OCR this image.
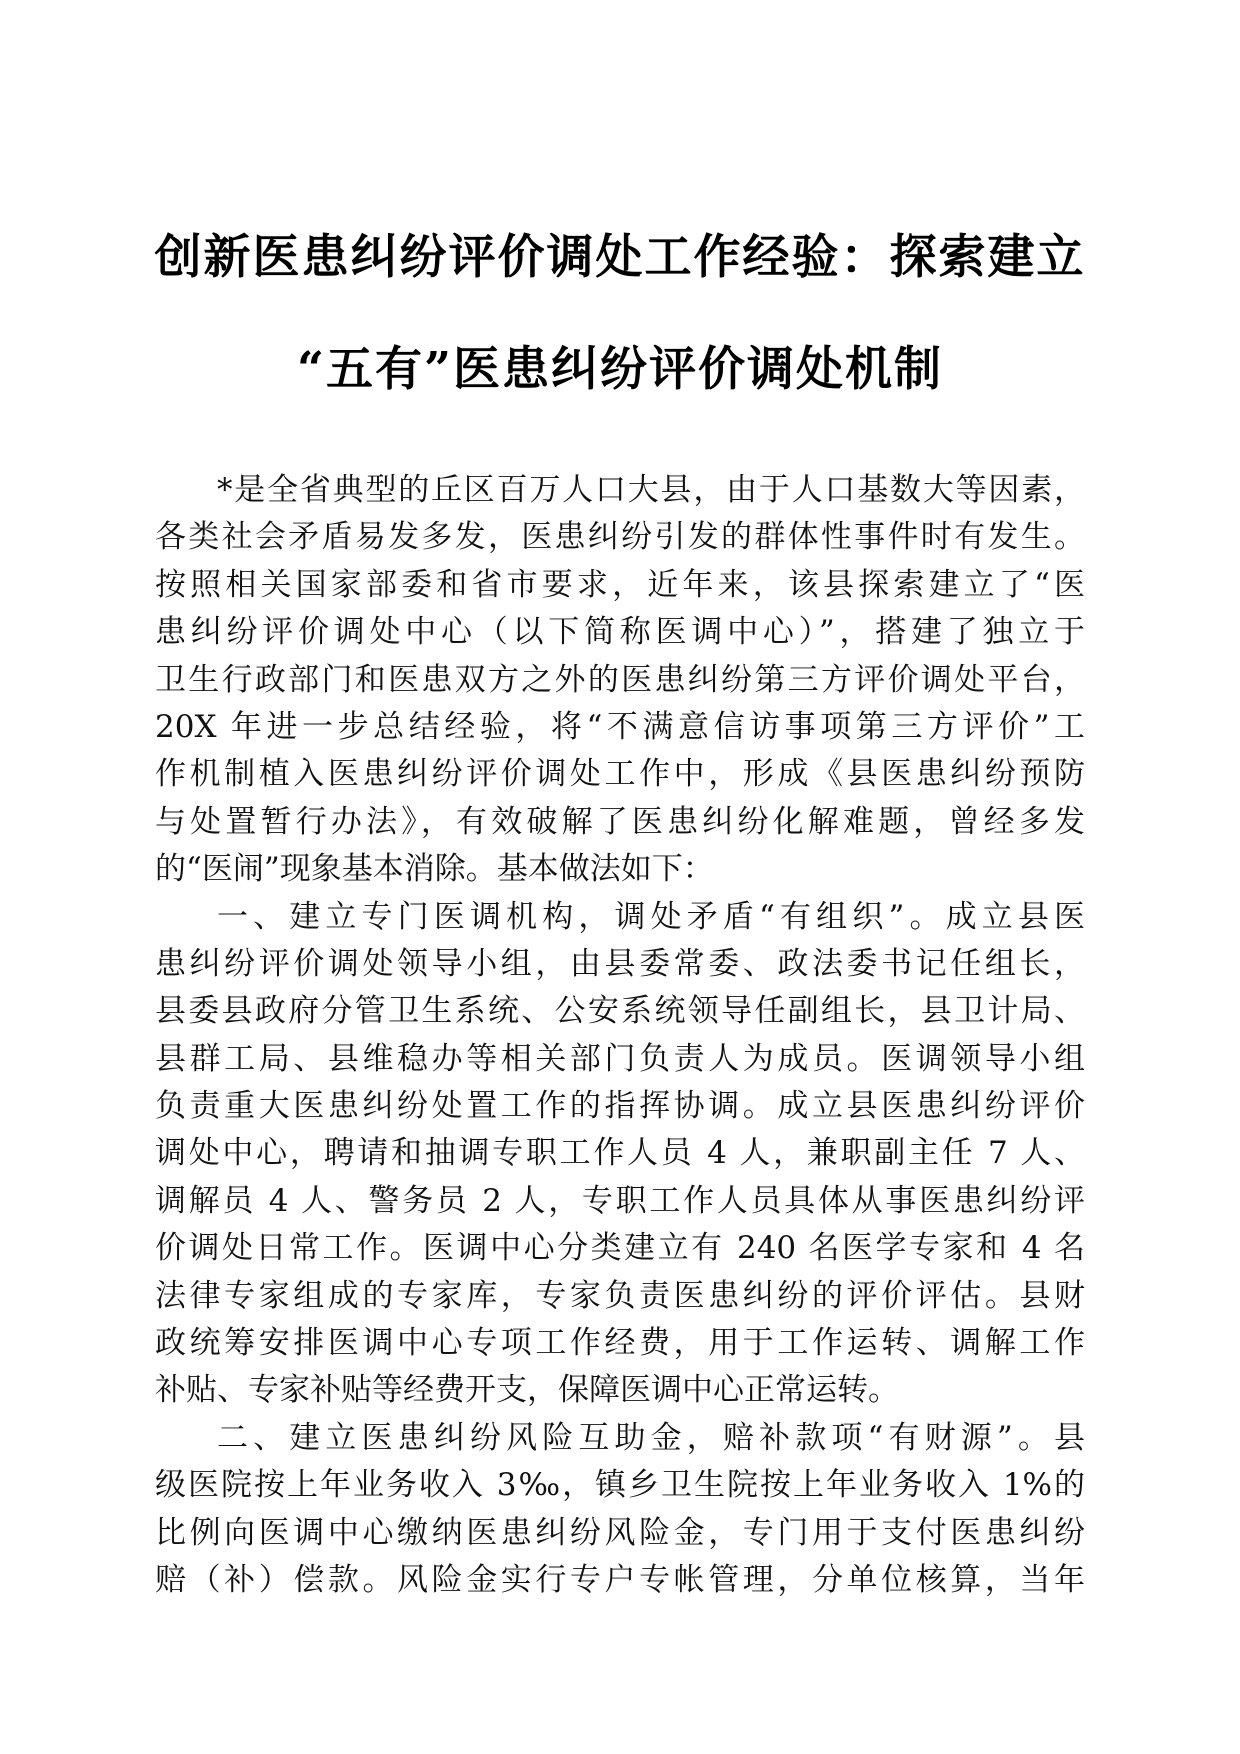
创新医患纠纷评价调处工作经验：探索建立
“五有”医患纠纷评价调处机制
*是全省典型的丘区百万人口大县，由于人口基数大等因素，
各类社会矛盾易发多发，医患纠纷引发的群体性事件时有发生。
按照相关国家部委和省市要求，近年来，该县探索建立了“医
患纠纷评价调处中心（以下简称医调中心）”，搭建了独立于
卫生行政部门和医患双方之外的医患纠纷第三方评价调处平台，
20X 年进一步总结经验，将“不满意信访事项第三方评价”工
作机制植入医患纠纷评价调处工作中，形成《县医患纠纷预防
与处置暂行办法》，有效破解了医患纠纷化解难题，曾经多发
的“医闹”现象基本消除。基本做法如下：
一、建立专门医调机构，调处矛盾“有组织”。成立县医
患纠纷评价调处领导小组，由县委常委、政法委书记任组长，
县委县政府分管卫生系统、公安系统领导任副组长，县卫计局、
县群工局、县维稳办等相关部门负责人为成员。医调领导小组
负责重大医患纠纷处置工作的指挥协调。成立县医患纠纷评价
调处中心，聘请和抽调专职工作人员 4 人，兼职副主任 7 人、
调解员 4 人、警务员 2 人，专职工作人员具体从事医患纠纷评
价调处日常工作。医调中心分类建立有 240 名医学专家和 4 名
法律专家组成的专家库，专家负责医患纠纷的评价评估。县财
政统筹安排医调中心专项工作经费，用于工作运转、调解工作
补贴、专家补贴等经费开支，保障医调中心正常运转。
二、建立医患纠纷风险互助金，赔补款项“有财源”。县
级医院按上年业务收入 3‰，镇乡卫生院按上年业务收入 1%的
比例向医调中心缴纳医患纠纷风险金，专门用于支付医患纠纷
赔（补）偿款。风险金实行专户专帐管理，分单位核算，当年
